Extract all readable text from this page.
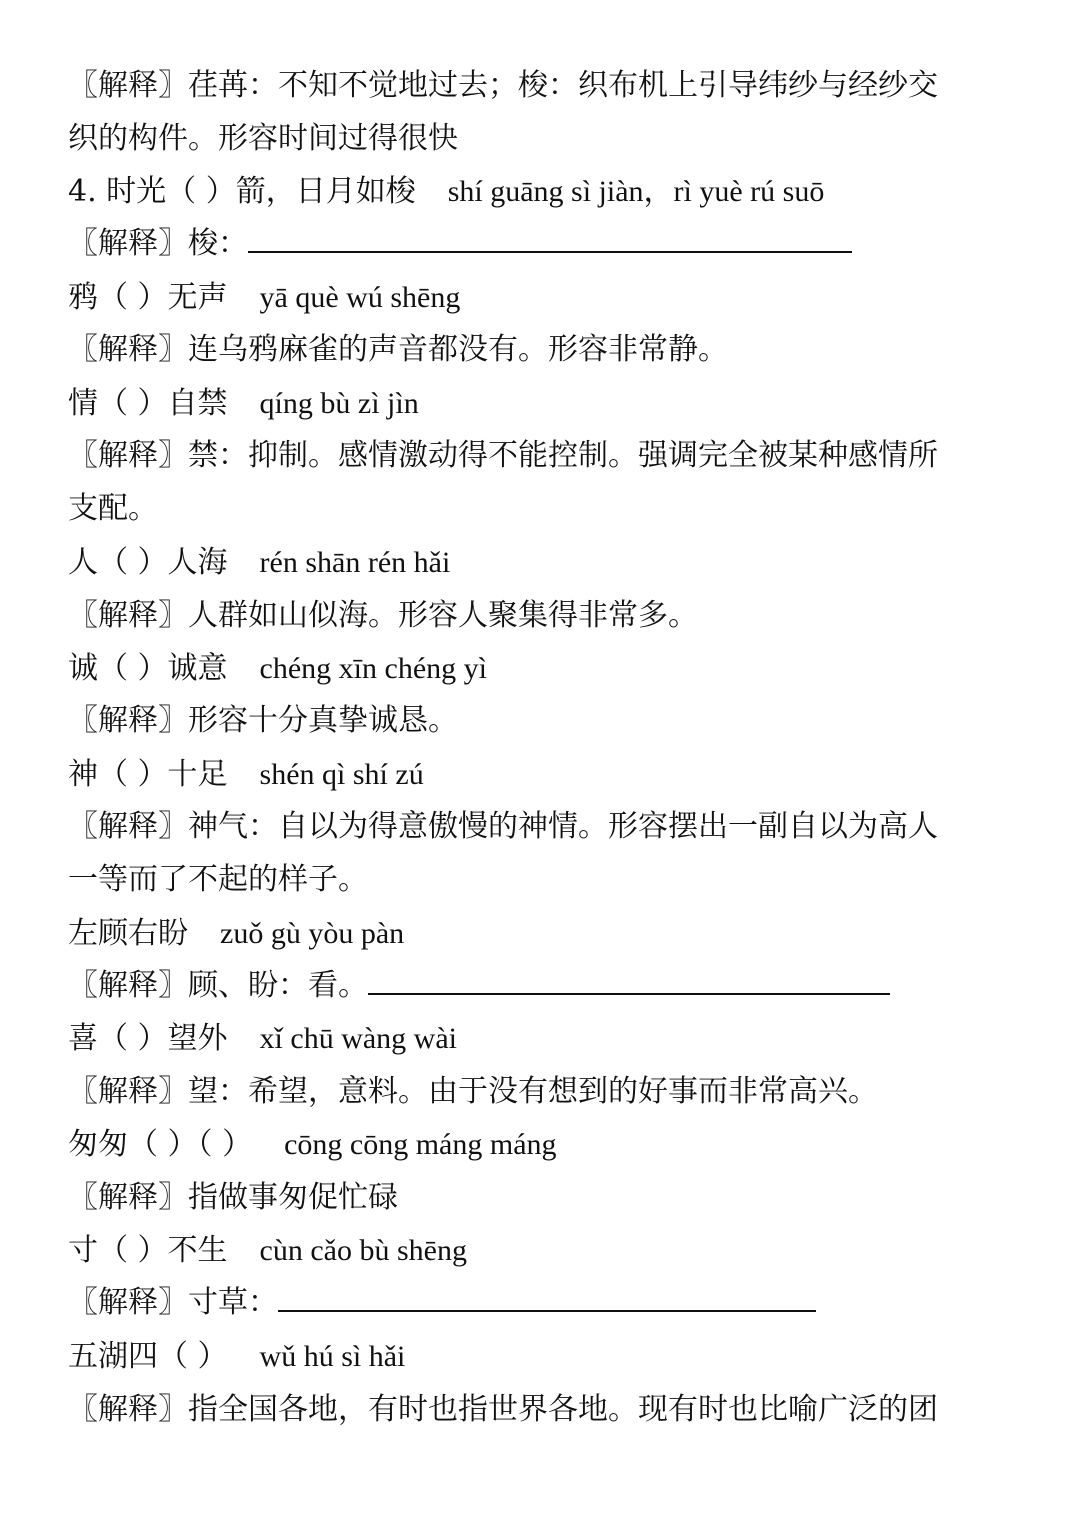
〖解释〗荏苒：不知不觉地过去；梭：织布机上引导纬纱与经纱交
织的构件。形容时间过得很快
4. 时光（ ）箭，日月如梭 shí guāng sì jiàn，rì yuè rú suō
〖解释〗梭：
鸦（ ）无声 yā què wú shēng
〖解释〗连乌鸦麻雀的声音都没有。形容非常静。
情（ ）自禁 qíng bù zì jìn
〖解释〗禁：抑制。感情激动得不能控制。强调完全被某种感情所
支配。
人（ ）人海 rén shān rén hǎi
〖解释〗人群如山似海。形容人聚集得非常多。
诚（ ）诚意 chéng xīn chéng yì
〖解释〗形容十分真挚诚恳。
神（ ）十足 shén qì shí zú
〖解释〗神气：自以为得意傲慢的神情。形容摆出一副自以为高人
一等而了不起的样子。
左顾右盼 zuǒ gù yòu pàn
〖解释〗顾、盼：看。
喜（ ）望外 xǐ chū wàng wài
〖解释〗望：希望，意料。由于没有想到的好事而非常高兴。
匆匆（ ）（ ） cōng cōng máng máng
〖解释〗指做事匆促忙碌
寸（ ）不生 cùn cǎo bù shēng
〖解释〗寸草：
五湖四（ ） wǔ hú sì hǎi
〖解释〗指全国各地，有时也指世界各地。现有时也比喻广泛的团
